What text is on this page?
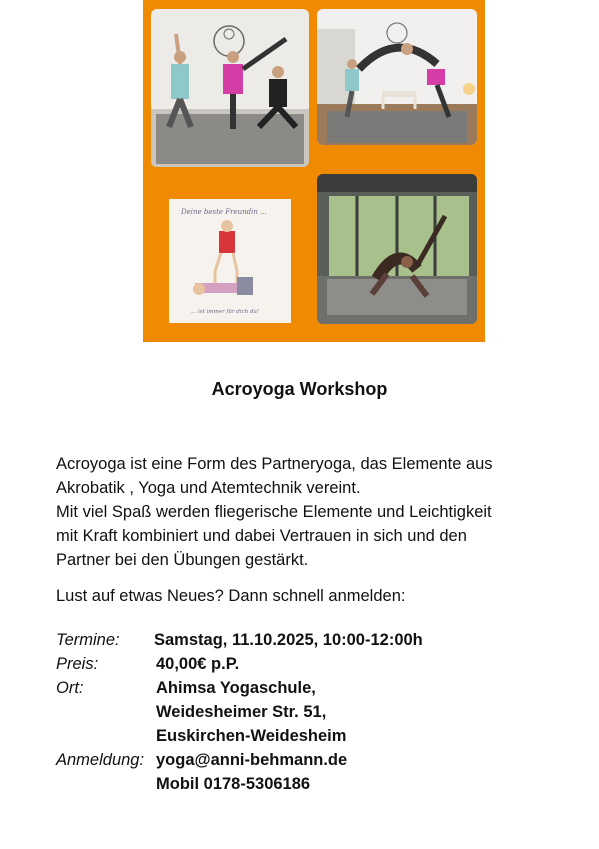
Deine beste Freundin ...
... ist immer für dich da!
Acroyoga Workshop

Acroyoga ist eine Form des Partneryoga, das Elemente aus

Akrobatik , Yoga und Atemtechnik vereint.

Mit viel Spaß werden fliegerische Elemente und Leichtigkeit

mit Kraft kombiniert und dabei Vertrauen in sich und den

Partner bei den Übungen gestärkt.

Lust auf etwas Neues? Dann schnell anmelden:
Termine: Samstag, 11.10.2025, 10:00-12:00h
Preis:	40,00€ p.P.
Ort:	Ahimsa Yogaschule,
Weidesheimer Str. 51,
Euskirchen-Weidesheim
Anmeldung: yoga@anni-behmann.de
Mobil 0178-5306186
